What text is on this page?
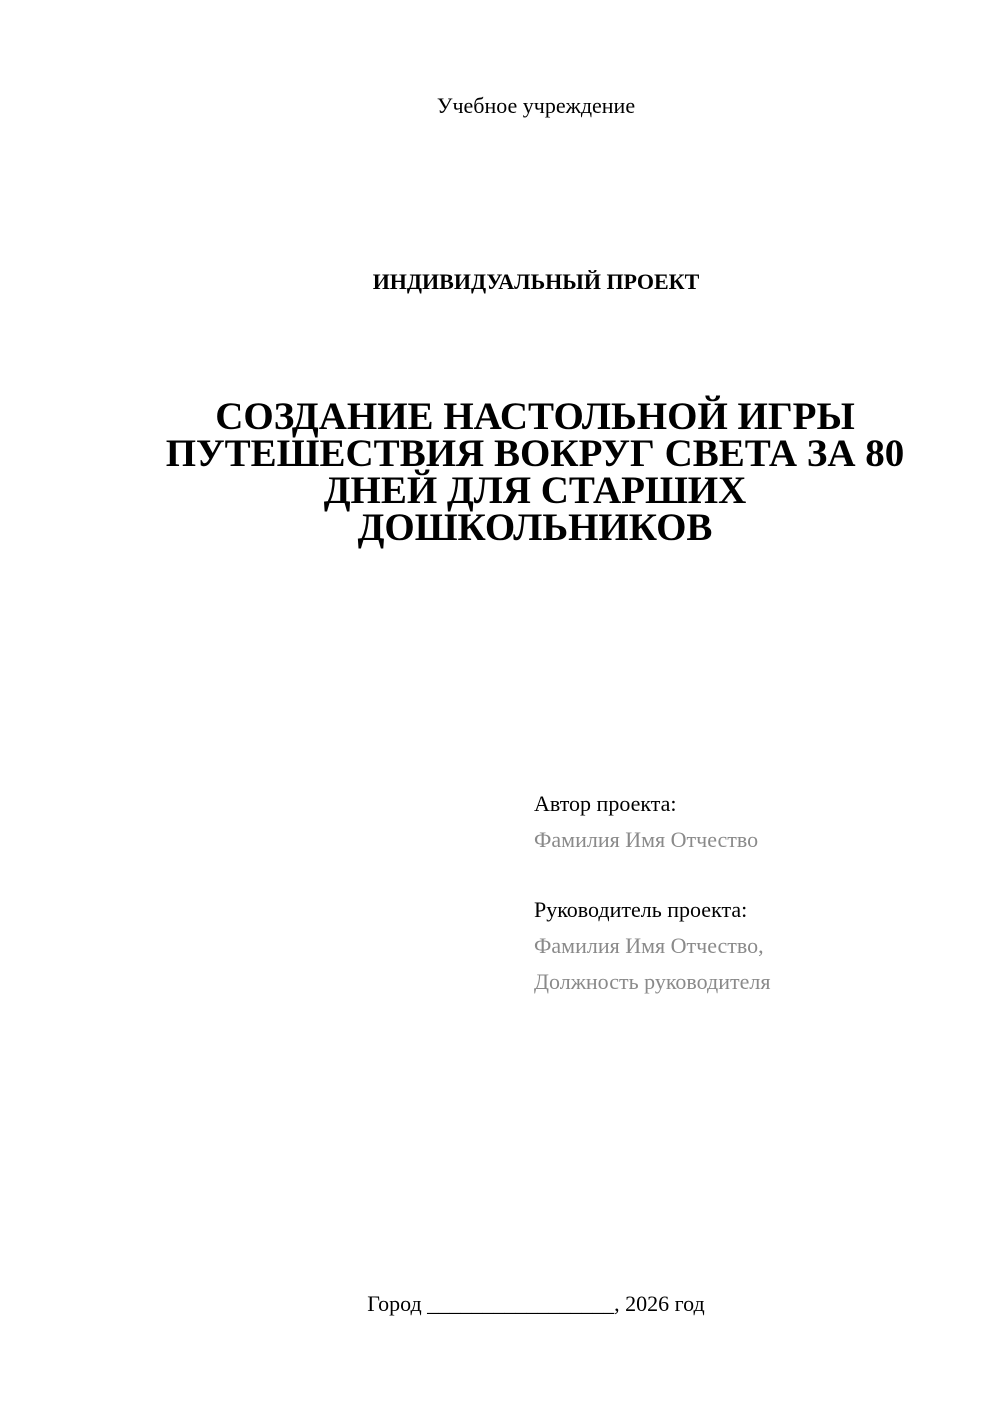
Учебное учреждение
ИНДИВИДУАЛЬНЫЙ ПРОЕКТ
СОЗДАНИЕ НАСТОЛЬНОЙ ИГРЫ
ПУТЕШЕСТВИЯ ВОКРУГ СВЕТА ЗА 80
ДНЕЙ ДЛЯ СТАРШИХ
ДОШКОЛЬНИКОВ
Автор проекта:
Фамилия Имя Отчество
Руководитель проекта:
Фамилия Имя Отчество,
Должность руководителя
Город _________________, 2026 год
